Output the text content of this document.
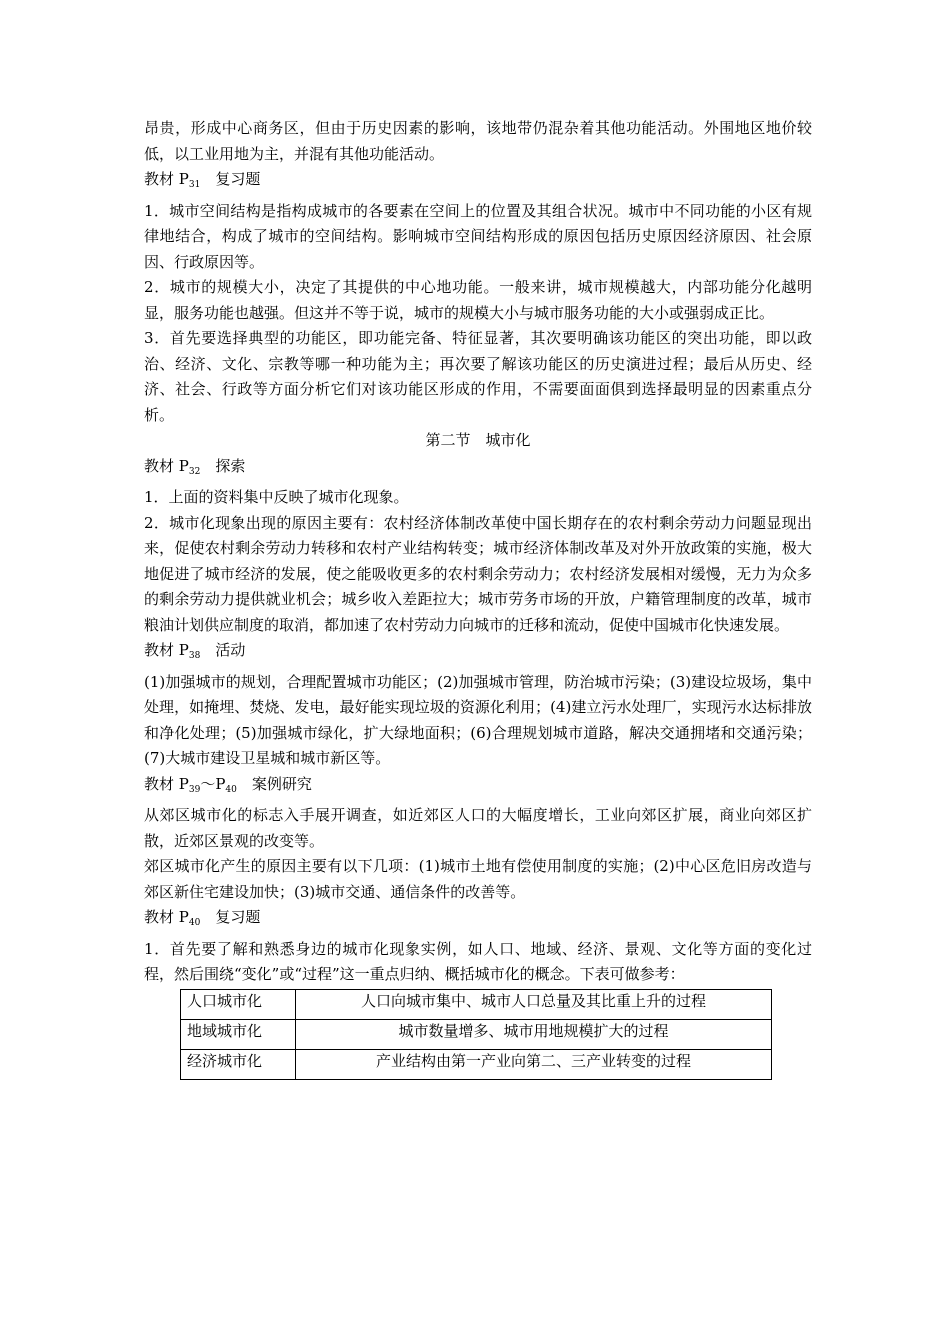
昂贵，形成中心商务区，但由于历史因素的影响，该地带仍混杂着其他功能活动。外围地区地价较低，以工业用地为主，并混有其他功能活动。

教材 $P_{31}$　复习题

1．城市空间结构是指构成城市的各要素在空间上的位置及其组合状况。城市中不同功能的小区有规律地结合，构成了城市的空间结构。影响城市空间结构形成的原因包括历史原因经济原因、社会原因、行政原因等。

2．城市的规模大小，决定了其提供的中心地功能。一般来讲，城市规模越大，内部功能分化越明显，服务功能也越强。但这并不等于说，城市的规模大小与城市服务功能的大小或强弱成正比。

3．首先要选择典型的功能区，即功能完备、特征显著，其次要明确该功能区的突出功能，即以政治、经济、文化、宗教等哪一种功能为主；再次要了解该功能区的历史演进过程；最后从历史、经济、社会、行政等方面分析它们对该功能区形成的作用，不需要面面俱到选择最明显的因素重点分析。

第二节　城市化

教材 $P_{32}$　探索

1．上面的资料集中反映了城市化现象。

2．城市化现象出现的原因主要有：农村经济体制改革使中国长期存在的农村剩余劳动力问题显现出来，促使农村剩余劳动力转移和农村产业结构转变；城市经济体制改革及对外开放政策的实施，极大地促进了城市经济的发展，使之能吸收更多的农村剩余劳动力；农村经济发展相对缓慢，无力为众多的剩余劳动力提供就业机会；城乡收入差距拉大；城市劳务市场的开放，户籍管理制度的改革，城市粮油计划供应制度的取消，都加速了农村劳动力向城市的迁移和流动，促使中国城市化快速发展。

教材 $P_{38}$　活动

(1)加强城市的规划，合理配置城市功能区；(2)加强城市管理，防治城市污染；(3)建设垃圾场，集中处理，如掩埋、焚烧、发电，最好能实现垃圾的资源化利用；(4)建立污水处理厂，实现污水达标排放和净化处理；(5)加强城市绿化，扩大绿地面积；(6)合理规划城市道路，解决交通拥堵和交通污染；(7)大城市建设卫星城和城市新区等。

教材 $P_{39}\sim P_{40}$　案例研究

从郊区城市化的标志入手展开调查，如近郊区人口的大幅度增长，工业向郊区扩展，商业向郊区扩散，近郊区景观的改变等。

郊区城市化产生的原因主要有以下几项：(1)城市土地有偿使用制度的实施；(2)中心区危旧房改造与郊区新住宅建设加快；(3)城市交通、通信条件的改善等。

教材 $P_{40}$　复习题

1．首先要了解和熟悉身边的城市化现象实例，如人口、地域、经济、景观、文化等方面的变化过程，然后围绕“变化”或“过程”这一重点归纳、概括城市化的概念。下表可做参考：

人口城市化	人口向城市集中、城市人口总量及其比重上升的过程
地域城市化	城市数量增多、城市用地规模扩大的过程
经济城市化	产业结构由第一产业向第二、三产业转变的过程
